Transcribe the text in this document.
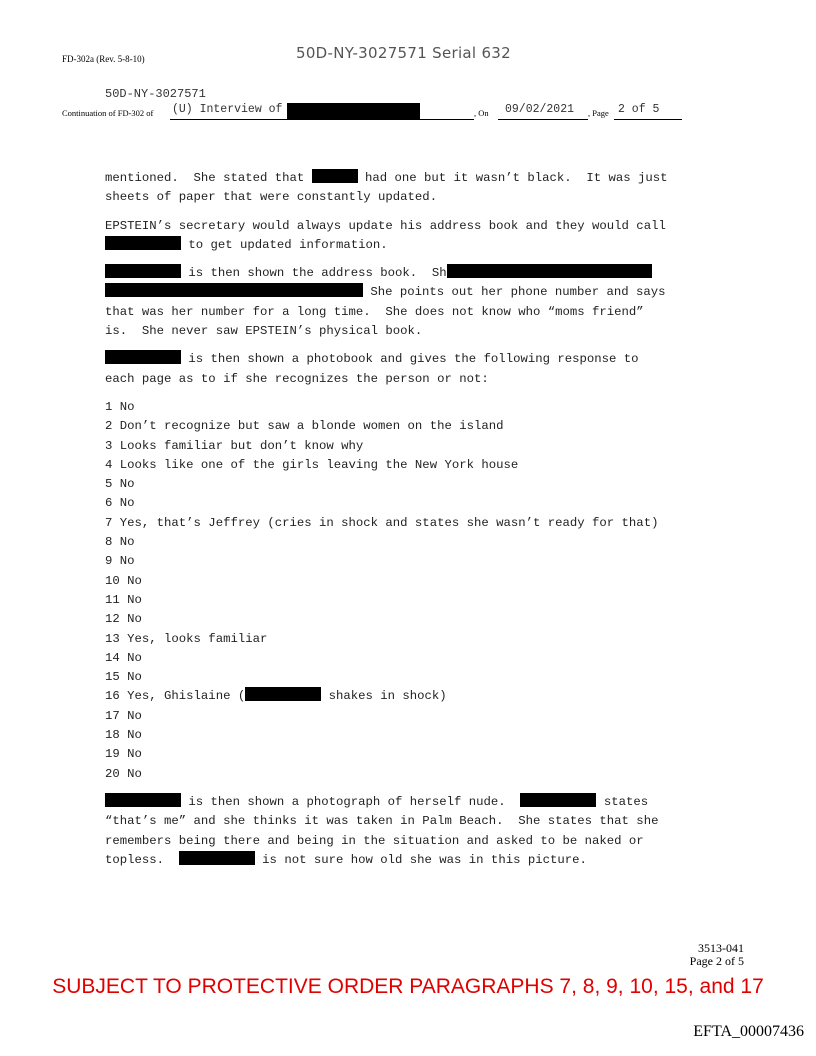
FD-302a (Rev. 5-8-10)	50D-NY-3027571 Serial 632
50D-NY-3027571
Continuation of FD-302 of (U) Interview of	, On 09/02/2021 , Page 2 of 5

mentioned.  She stated that	had one but it wasn’t black.  It was just
sheets of paper that were constantly updated.

EPSTEIN’s secretary would always update his address book and they would call
to get updated information.

is then shown the address book.  Sh
She points out her phone number and says
that was her number for a long time.  She does not know who “moms friend”
is.  She never saw EPSTEIN’s physical book.

is then shown a photobook and gives the following response to
each page as to if she recognizes the person or not:

1 No
2 Don’t recognize but saw a blonde women on the island
3 Looks familiar but don’t know why
4 Looks like one of the girls leaving the New York house
5 No
6 No
7 Yes, that’s Jeffrey (cries in shock and states she wasn’t ready for that)
8 No
9 No
10 No
11 No
12 No
13 Yes, looks familiar
14 No
15 No
16 Yes, Ghislaine (	shakes in shock)
17 No
18 No
19 No
20 No

is then shown a photograph of herself nude.	states
“that’s me” and she thinks it was taken in Palm Beach.  She states that she
remembers being there and being in the situation and asked to be naked or
topless.	is not sure how old she was in this picture.

3513-041
Page 2 of 5
SUBJECT TO PROTECTIVE ORDER PARAGRAPHS 7, 8, 9, 10, 15, and 17
EFTA_00007436
